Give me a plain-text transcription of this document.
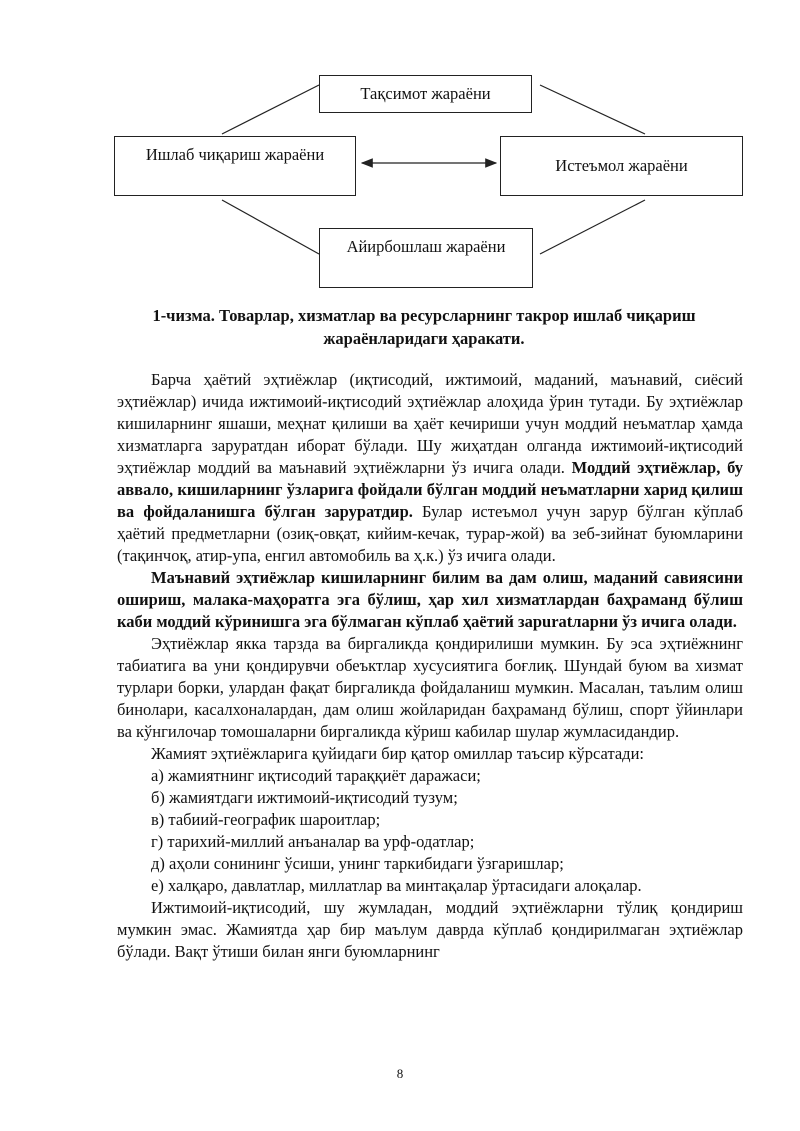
Тақсимот жараёни
Ишлаб чиқариш жараёни
Истеъмол жараёни
Айирбошлаш жараёни
1-чизма. Товарлар, хизматлар ва ресурсларнинг такрор ишлаб чиқариш жараёнларидаги ҳаракати.

Барча ҳаётий эҳтиёжлар (иқтисодий, ижтимоий, маданий, маънавий, сиёсий эҳтиёжлар) ичида ижтимоий-иқтисодий эҳтиёжлар алоҳида ўрин тутади. Бу эҳтиёжлар кишиларнинг яшаши, меҳнат қилиши ва ҳаёт кечириши учун моддий неъматлар ҳамда хизматларга заруратдан иборат бўлади. Шу жиҳатдан олганда ижтимоий-иқтисодий эҳтиёжлар моддий ва маънавий эҳтиёжларни ўз ичига олади. Моддий эҳтиёжлар, бу аввало, кишиларнинг ўзларига фойдали бўлган моддий неъматларни харид қилиш ва фойдаланишга бўлган заруратдир. Булар истеъмол учун зарур бўлган кўплаб ҳаётий предметларни (озиқ-овқат, кийим-кечак, турар-жой) ва зеб-зийнат буюмларини (тақинчоқ, атир-упа, енгил автомобиль ва ҳ.к.) ўз ичига олади.

Маънавий эҳтиёжлар кишиларнинг билим ва дам олиш, маданий савиясини ошириш, малака-маҳоратга эга бўлиш, ҳар хил хизматлардан баҳраманд бўлиш каби моддий кўринишга эга бўлмаган кўплаб ҳаётий зарuratларни ўз ичига олади.

Эҳтиёжлар якка тарзда ва биргаликда қондирилиши мумкин. Бу эса эҳтиёжнинг табиатига ва уни қондирувчи обеъктлар хусусиятига боғлиқ. Шундай буюм ва хизмат турлари борки, улардан фақат биргаликда фойдаланиш мумкин. Масалан, таълим олиш бинолари, касалхоналардан, дам олиш жойларидан баҳраманд бўлиш, спорт ўйинлари ва кўнгилочар томошаларни биргаликда кўриш кабилар шулар жумласидандир.

Жамият эҳтиёжларига қуйидаги бир қатор омиллар таъсир кўрсатади:

а) жамиятнинг иқтисодий тараққиёт даражаси;

б) жамиятдаги ижтимоий-иқтисодий тузум;

в) табиий-географик шароитлар;

г) тарихий-миллий анъаналар ва урф-одатлар;

д) аҳоли сонининг ўсиши, унинг таркибидаги ўзгаришлар;

е) халқаро, давлатлар, миллатлар ва минтақалар ўртасидаги алоқалар.

Ижтимоий-иқтисодий, шу жумладан, моддий эҳтиёжларни тўлиқ қондириш мумкин эмас. Жамиятда ҳар бир маълум даврда кўплаб қондирилмаган эҳтиёжлар бўлади. Вақт ўтиши билан янги буюмларнинг

8
